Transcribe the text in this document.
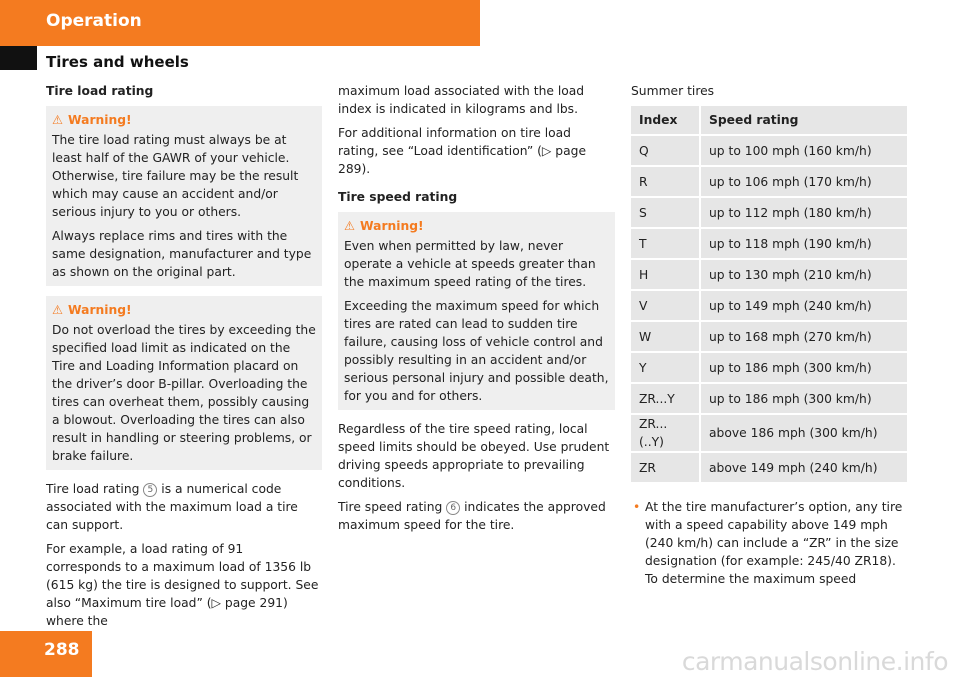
Operation
Tires and wheels
Tire load rating
⚠ Warning!

The tire load rating must always be at least half of the GAWR of your vehicle. Otherwise, tire failure may be the result which may cause an accident and/or serious injury to you or others.

Always replace rims and tires with the same designation, manufacturer and type as shown on the original part.

⚠ Warning!

Do not overload the tires by exceeding the specified load limit as indicated on the Tire and Loading Information placard on the driver’s door B-pillar. Overloading the tires can overheat them, possibly causing a blowout. Overloading the tires can also result in handling or steering problems, or brake failure.

Tire load rating 5 is a numerical code associated with the maximum load a tire can support.

For example, a load rating of 91 corresponds to a maximum load of 1356 lb (615 kg) the tire is designed to support. See also “Maximum tire load” (▷ page 291) where the

maximum load associated with the load index is indicated in kilograms and lbs.

For additional information on tire load rating, see “Load identification” (▷ page 289).

Tire speed rating
⚠ Warning!

Even when permitted by law, never operate a vehicle at speeds greater than the maximum speed rating of the tires.

Exceeding the maximum speed for which tires are rated can lead to sudden tire failure, causing loss of vehicle control and possibly resulting in an accident and/or serious personal injury and possible death, for you and for others.

Regardless of the tire speed rating, local speed limits should be obeyed. Use prudent driving speeds appropriate to prevailing conditions.

Tire speed rating 6 indicates the approved maximum speed for the tire.

Summer tires
Index	Speed rating
Q	up to 100 mph (160 km/h)
R	up to 106 mph (170 km/h)
S	up to 112 mph (180 km/h)
T	up to 118 mph (190 km/h)
H	up to 130 mph (210 km/h)
V	up to 149 mph (240 km/h)
W	up to 168 mph (270 km/h)
Y	up to 186 mph (300 km/h)
ZR...Y	up to 186 mph (300 km/h)
ZR...(..Y)	above 186 mph (300 km/h)
ZR	above 149 mph (240 km/h)
• At the tire manufacturer’s option, any tire with a speed capability above 149 mph (240 km/h) can include a “ZR” in the size designation (for example: 245/40 ZR18). To determine the maximum speed
288	carmanualsonline.info
